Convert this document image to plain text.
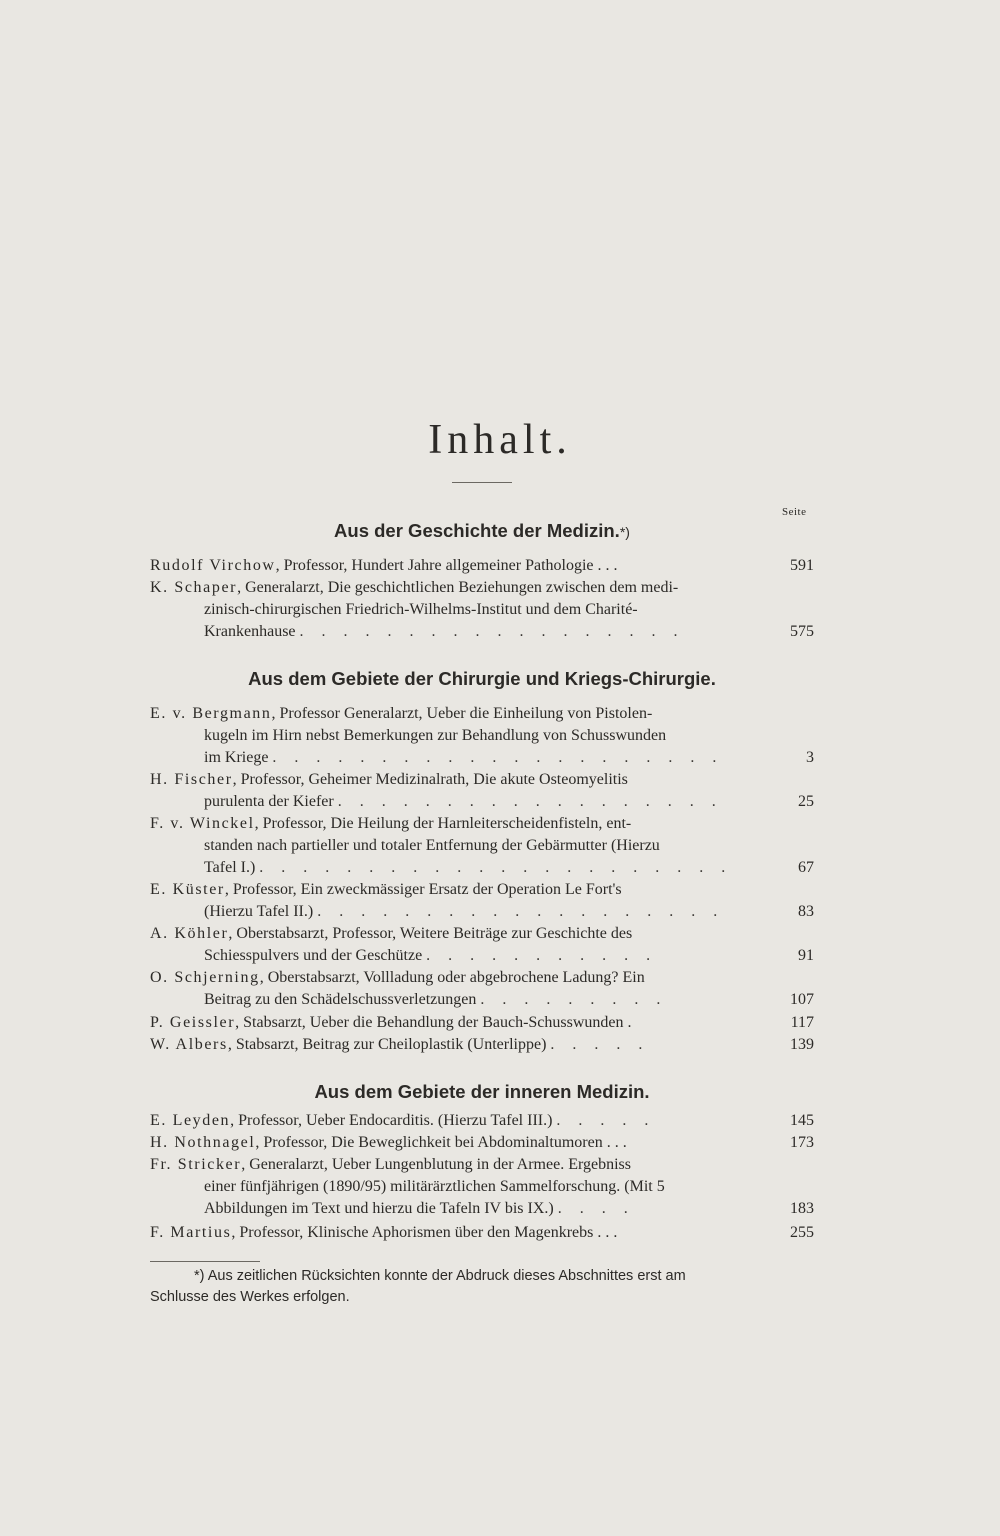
Inhalt.
Seite
Aus der Geschichte der Medizin.*)
Rudolf Virchow, Professor, Hundert Jahre allgemeiner Pathologie . . .	591
K. Schaper, Generalarzt, Die geschichtlichen Beziehungen zwischen dem medi-
zinisch-chirurgischen Friedrich-Wilhelms-Institut und dem Charité-
Krankenhause . . . . . . . . . . . . . . . . . .	575
Aus dem Gebiete der Chirurgie und Kriegs-Chirurgie.
E. v. Bergmann, Professor Generalarzt, Ueber die Einheilung von Pistolen-
kugeln im Hirn nebst Bemerkungen zur Behandlung von Schusswunden
im Kriege . . . . . . . . . . . . . . . . . . . . .	3
H. Fischer, Professor, Geheimer Medizinalrath, Die akute Osteomyelitis
purulenta der Kiefer . . . . . . . . . . . . . . . . . .	25
F. v. Winckel, Professor, Die Heilung der Harnleiterscheidenfisteln, ent-
standen nach partieller und totaler Entfernung der Gebärmutter (Hierzu
Tafel I.) . . . . . . . . . . . . . . . . . . . . . .	67
E. Küster, Professor, Ein zweckmässiger Ersatz der Operation Le Fort's
(Hierzu Tafel II.) . . . . . . . . . . . . . . . . . . .	83
A. Köhler, Oberstabsarzt, Professor, Weitere Beiträge zur Geschichte des
Schiesspulvers und der Geschütze . . . . . . . . . . .	91
O. Schjerning, Oberstabsarzt, Vollladung oder abgebrochene Ladung? Ein
Beitrag zu den Schädelschussverletzungen . . . . . . . . .	107
P. Geissler, Stabsarzt, Ueber die Behandlung der Bauch-Schusswunden .	117
W. Albers, Stabsarzt, Beitrag zur Cheiloplastik (Unterlippe) . . . . .	139
Aus dem Gebiete der inneren Medizin.
E. Leyden, Professor, Ueber Endocarditis. (Hierzu Tafel III.) . . . . .	145
H. Nothnagel, Professor, Die Beweglichkeit bei Abdominaltumoren . . .	173
Fr. Stricker, Generalarzt, Ueber Lungenblutung in der Armee. Ergebniss
einer fünfjährigen (1890/95) militärärztlichen Sammelforschung. (Mit 5
Abbildungen im Text und hierzu die Tafeln IV bis IX.) . . . .	183
F. Martius, Professor, Klinische Aphorismen über den Magenkrebs . . .	255
*) Aus zeitlichen Rücksichten konnte der Abdruck dieses Abschnittes erst am
Schlusse des Werkes erfolgen.
